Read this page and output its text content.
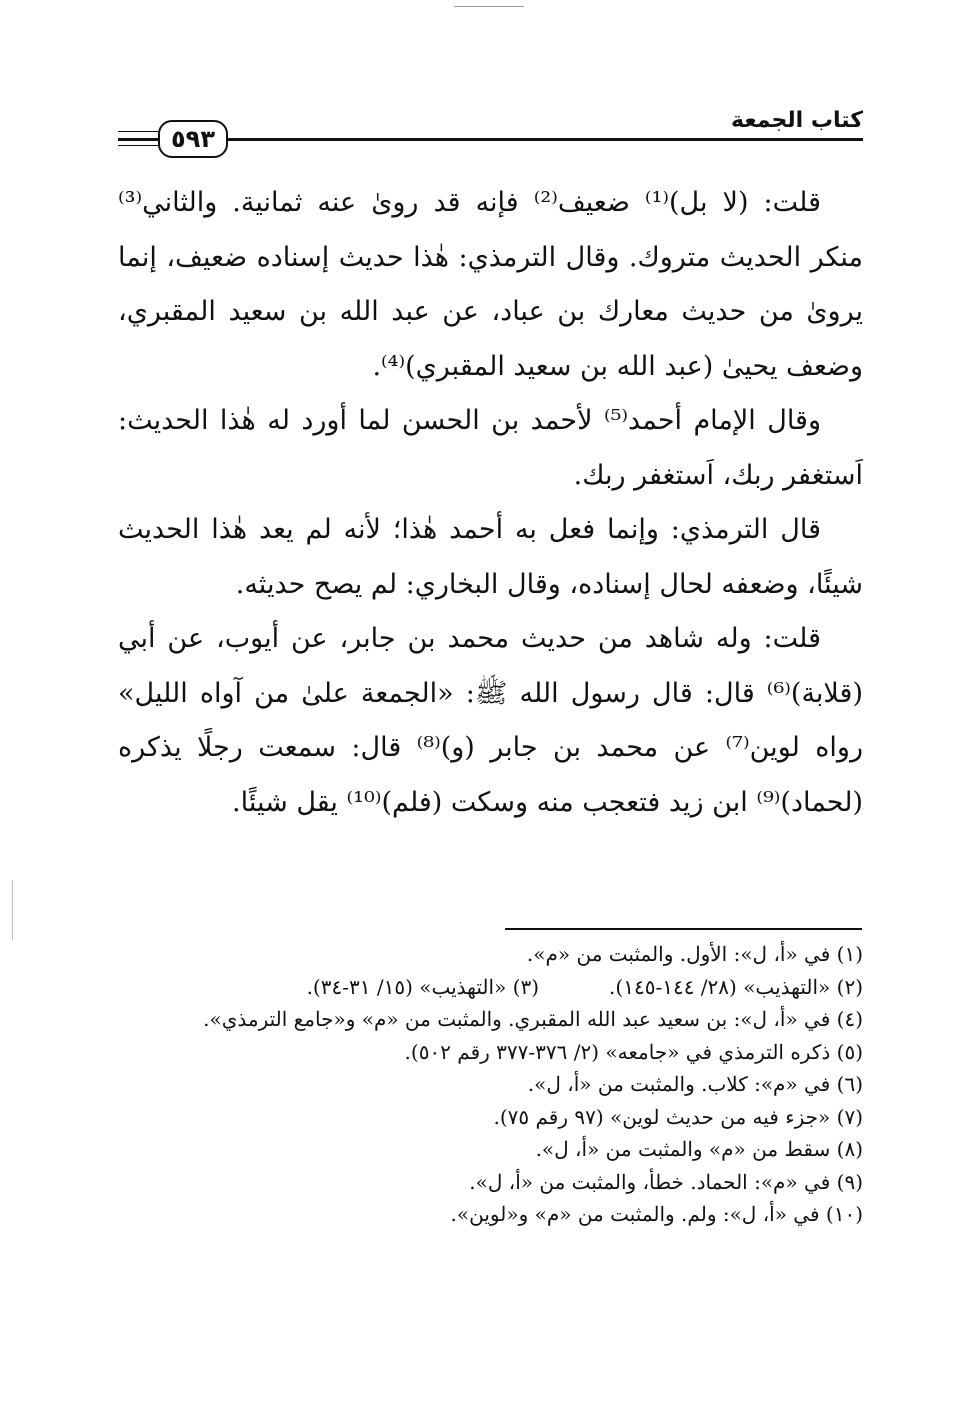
٥٩٣
كتاب الجمعة

قلت: (لا بل)⁽¹⁾ ضعيف⁽²⁾ فإنه قد روىٰ عنه ثمانية. والثاني⁽³⁾ منكر الحديث متروك. وقال الترمذي: هٰذا حديث إسناده ضعيف، إنما يروىٰ من حديث معارك بن عباد، عن عبد الله بن سعيد المقبري، وضعف يحيىٰ (عبد الله بن سعيد المقبري)⁽⁴⁾.

وقال الإمام أحمد⁽⁵⁾ لأحمد بن الحسن لما أورد له هٰذا الحديث: اَستغفر ربك، اَستغفر ربك.

قال الترمذي: وإنما فعل به أحمد هٰذا؛ لأنه لم يعد هٰذا الحديث شيئًا، وضعفه لحال إسناده، وقال البخاري: لم يصح حديثه.

قلت: وله شاهد من حديث محمد بن جابر، عن أيوب، عن أبي (قلابة)⁽⁶⁾ قال: قال رسول الله ﷺ: «الجمعة علىٰ من آواه الليل» رواه لوين⁽⁷⁾ عن محمد بن جابر (و)⁽⁸⁾ قال: سمعت رجلًا يذكره (لحماد)⁽⁹⁾ ابن زيد فتعجب منه وسكت (فلم)⁽¹⁰⁾ يقل شيئًا.

(١) في «أ، ل»: الأول. والمثبت من «م».

(٢) «التهذيب» (٢٨/ ١٤٤-١٤٥).

(٣) «التهذيب» (١٥/ ٣١-٣٤).

(٤) في «أ، ل»: بن سعيد عبد الله المقبري. والمثبت من «م» و«جامع الترمذي».

(٥) ذكره الترمذي في «جامعه» (٢/ ٣٧٦-٣٧٧ رقم ٥٠٢).

(٦) في «م»: كلاب. والمثبت من «أ، ل».

(٧) «جزء فيه من حديث لوين» (٩٧ رقم ٧٥).

(٨) سقط من «م» والمثبت من «أ، ل».

(٩) في «م»: الحماد. خطأ، والمثبت من «أ، ل».

(١٠) في «أ، ل»: ولم. والمثبت من «م» و«لوين».
